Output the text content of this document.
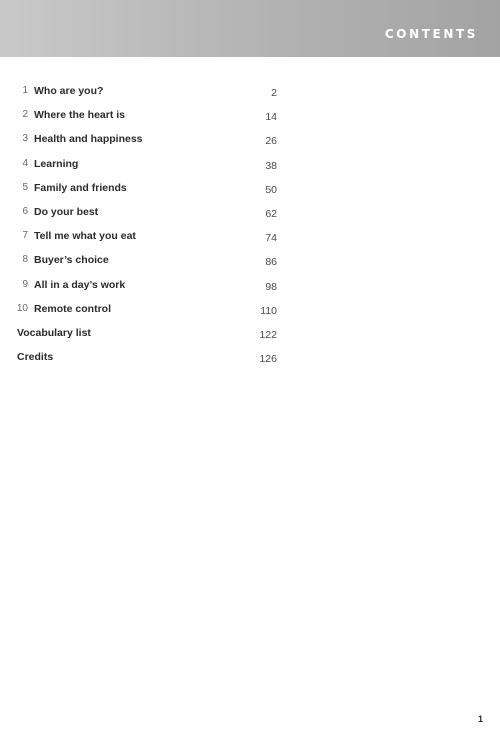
CONTENTS
1 Who are you?	2
2 Where the heart is	14
3 Health and happiness	26
4 Learning	38
5 Family and friends	50
6 Do your best	62
7 Tell me what you eat	74
8 Buyer’s choice	86
9 All in a day’s work	98
10 Remote control	110
Vocabulary list	122
Credits	126
1
